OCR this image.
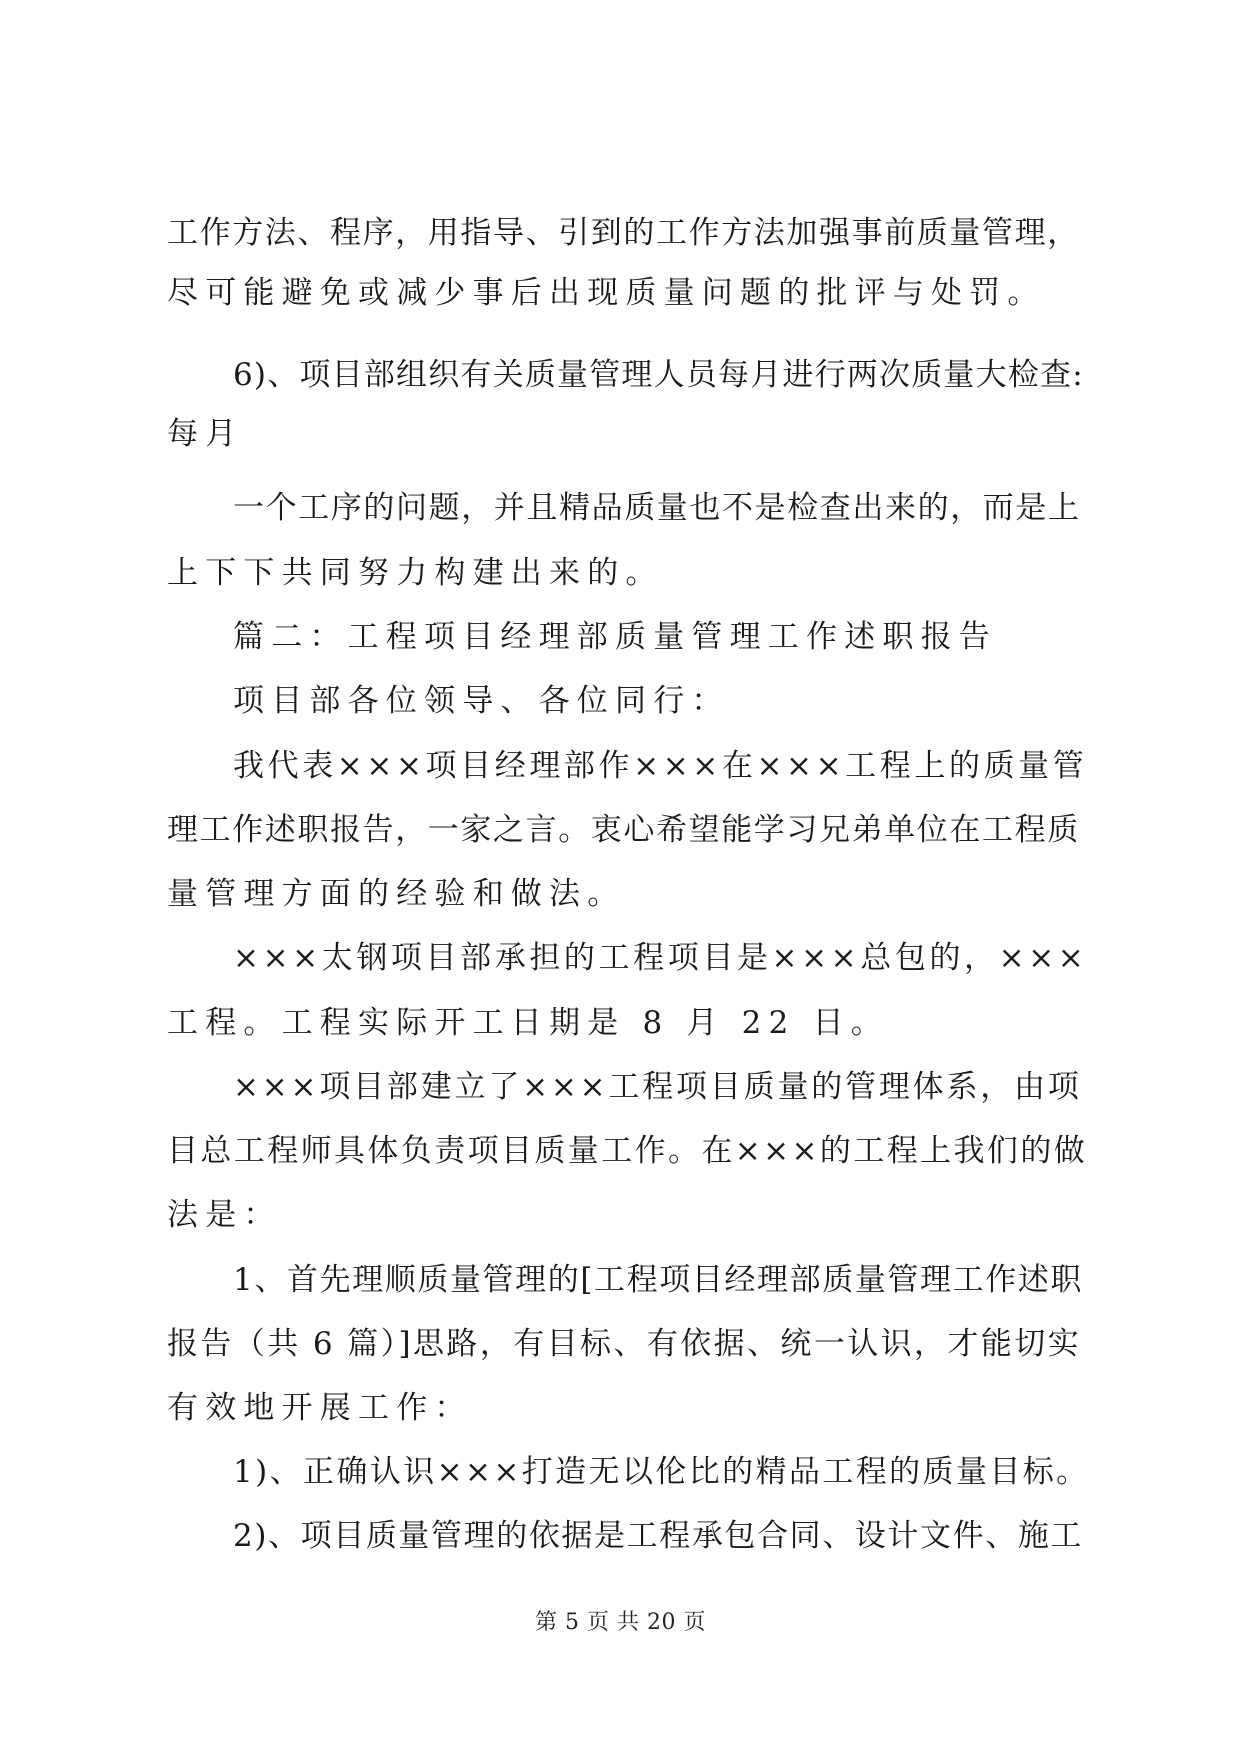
工作方法、程序，用指导、引到的工作方法加强事前质量管理，
尽可能避免或减少事后出现质量问题的批评与处罚。
6)、项目部组织有关质量管理人员每月进行两次质量大检查:
每月
一个工序的问题，并且精品质量也不是检查出来的，而是上
上下下共同努力构建出来的。
篇二：工程项目经理部质量管理工作述职报告
项目部各位领导、各位同行：
我代表×××项目经理部作×××在×××工程上的质量管
理工作述职报告，一家之言。衷心希望能学习兄弟单位在工程质
量管理方面的经验和做法。
×××太钢项目部承担的工程项目是×××总包的，×××
工程。工程实际开工日期是 8 月 22 日。
×××项目部建立了×××工程项目质量的管理体系，由项
目总工程师具体负责项目质量工作。在×××的工程上我们的做
法是：
1、首先理顺质量管理的[工程项目经理部质量管理工作述职
报告（共 6 篇）]思路，有目标、有依据、统一认识，才能切实
有效地开展工作：
1)、正确认识×××打造无以伦比的精品工程的质量目标。
2)、项目质量管理的依据是工程承包合同、设计文件、施工
第 5 页 共 20 页
